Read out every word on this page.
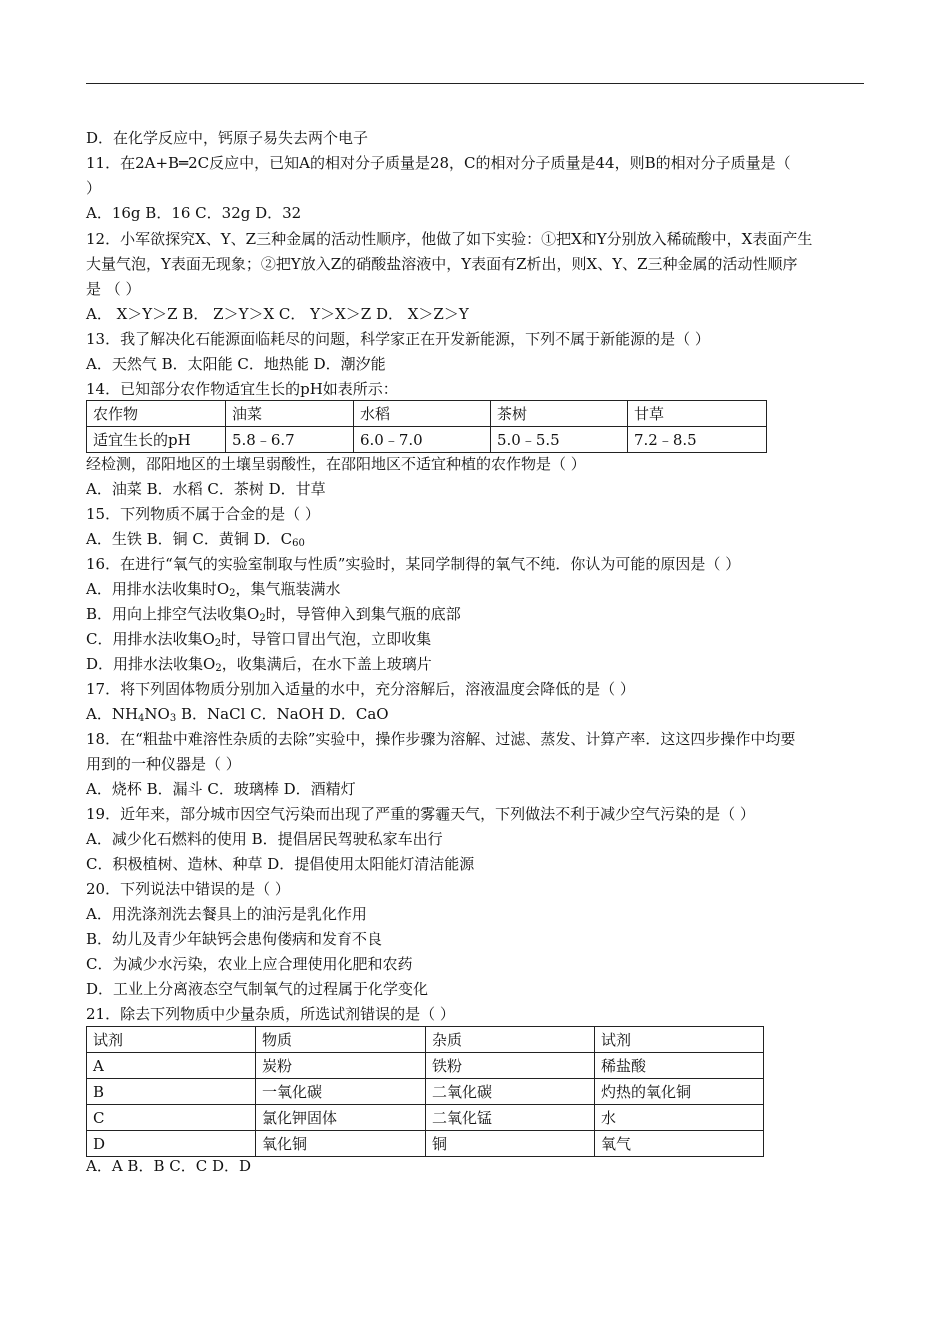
D．在化学反应中，钙原子易失去两个电子
11．在2A+B═2C反应中，已知A的相对分子质量是28，C的相对分子质量是44，则B的相对分子质量是（
）
A．16g B．16 C．32g D．32
12．小军欲探究X、Y、Z三种金属的活动性顺序，他做了如下实验：①把X和Y分别放入稀硫酸中，X表面产生
大量气泡，Y表面无现象；②把Y放入Z的硝酸盐溶液中，Y表面有Z析出，则X、Y、Z三种金属的活动性顺序
是 （ ）
A． X＞Y＞Z B． Z＞Y＞X C． Y＞X＞Z D． X＞Z＞Y
13．我了解决化石能源面临耗尽的问题，科学家正在开发新能源，下列不属于新能源的是（ ）
A．天然气 B．太阳能 C．地热能 D．潮汐能
14．已知部分农作物适宜生长的pH如表所示：
农作物	油菜	水稻	茶树	甘草
适宜生长的pH	5.8﹣6.7	6.0﹣7.0	5.0﹣5.5	7.2﹣8.5
经检测，邵阳地区的土壤呈弱酸性，在邵阳地区不适宜种植的农作物是（ ）
A．油菜 B．水稻 C．茶树 D．甘草
15．下列物质不属于合金的是（ ）
A．生铁 B．铜 C．黄铜 D．$C_{60}$
16．在进行“氧气的实验室制取与性质”实验时，某同学制得的氧气不纯．你认为可能的原因是（ ）
A．用排水法收集时$O_2$，集气瓶装满水
B．用向上排空气法收集$O_2$时，导管伸入到集气瓶的底部
C．用排水法收集$O_2$时，导管口冒出气泡，立即收集
D．用排水法收集$O_2$，收集满后，在水下盖上玻璃片
17．将下列固体物质分别加入适量的水中，充分溶解后，溶液温度会降低的是（ ）
A．$NH_4NO_3$ B．NaCl C．NaOH D．CaO
18．在“粗盐中难溶性杂质的去除”实验中，操作步骤为溶解、过滤、蒸发、计算产率．这这四步操作中均要
用到的一种仪器是（ ）
A．烧杯 B．漏斗 C．玻璃棒 D．酒精灯
19．近年来，部分城市因空气污染而出现了严重的雾霾天气，下列做法不利于减少空气污染的是（ ）
A．减少化石燃料的使用 B．提倡居民驾驶私家车出行
C．积极植树、造林、种草 D．提倡使用太阳能灯清洁能源
20．下列说法中错误的是（ ）
A．用洗涤剂洗去餐具上的油污是乳化作用
B．幼儿及青少年缺钙会患佝偻病和发育不良
C．为减少水污染，农业上应合理使用化肥和农药
D．工业上分离液态空气制氧气的过程属于化学变化
21．除去下列物质中少量杂质，所选试剂错误的是（ ）
试剂	物质	杂质	试剂
A	炭粉	铁粉	稀盐酸
B	一氧化碳	二氧化碳	灼热的氧化铜
C	氯化钾固体	二氧化锰	水
D	氧化铜	铜	氧气
A．A B．B C．C D．D
